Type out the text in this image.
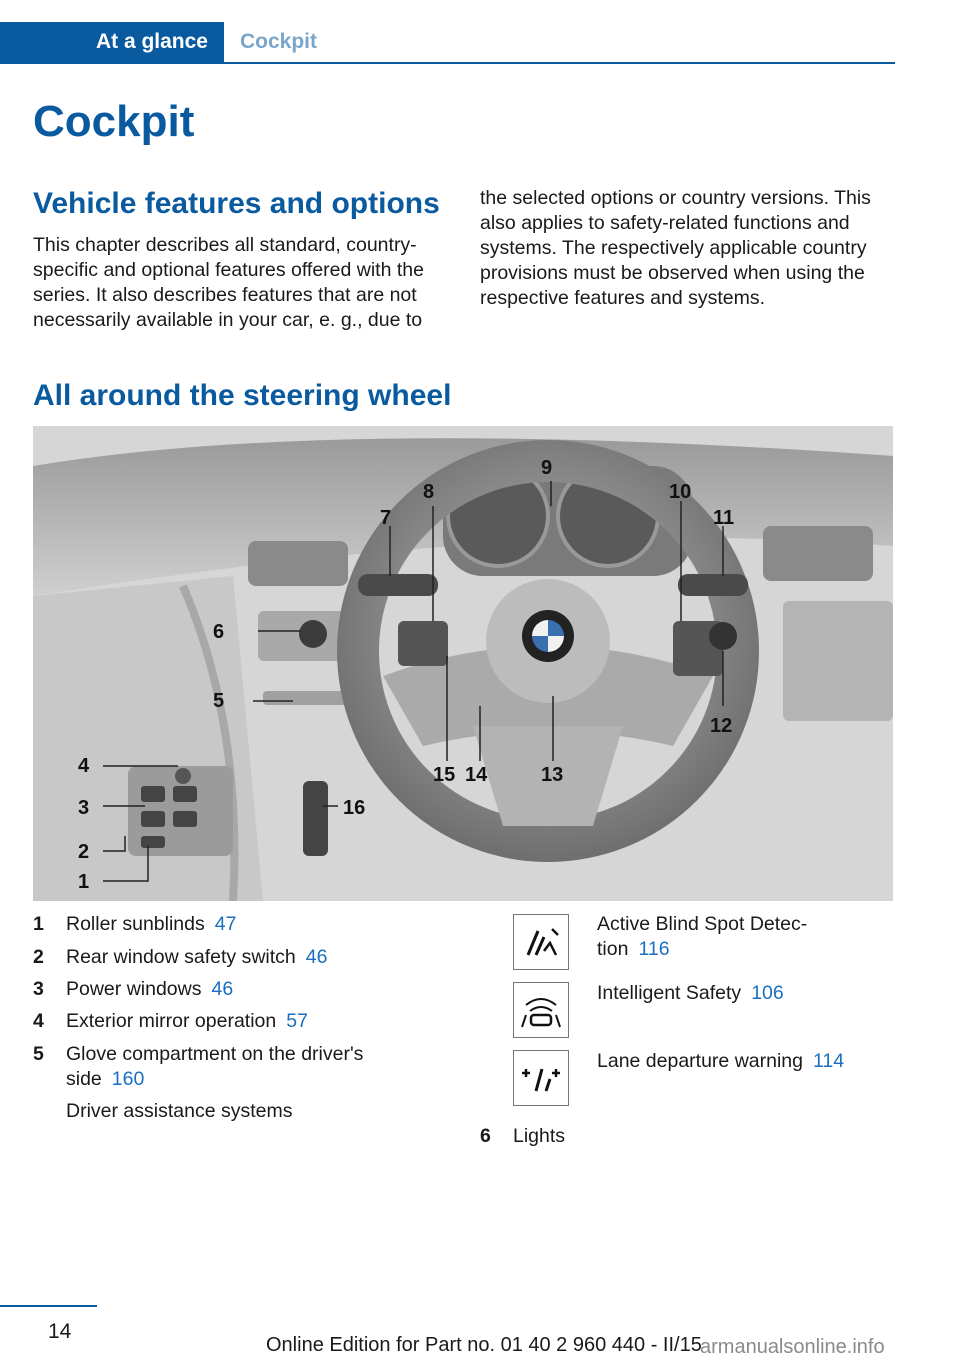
At a glance Cockpit
Cockpit
Vehicle features and options

This chapter describes all standard, country-specific and optional features offered with the series. It also describes features that are not necessarily available in your car, e. g., due to

the selected options or country versions. This also applies to safety-related functions and systems. The respectively applicable country provisions must be observed when using the respective features and systems.

All around the steering wheel
4
3
2
1
5
6
7
8
9
10
11
12
13
14
15
16
1	Roller sunblinds 47
2	Rear window safety switch 46
3	Power windows 46
4	Exterior mirror operation 57
5	Glove compartment on the driver's side 160
Driver assistance systems
Active Blind Spot Detec-tion 116
Intelligent Safety 106
Lane departure warning 114
6	Lights
14
Online Edition for Part no. 01 40 2 960 440 - II/15
armanualsonline.info
